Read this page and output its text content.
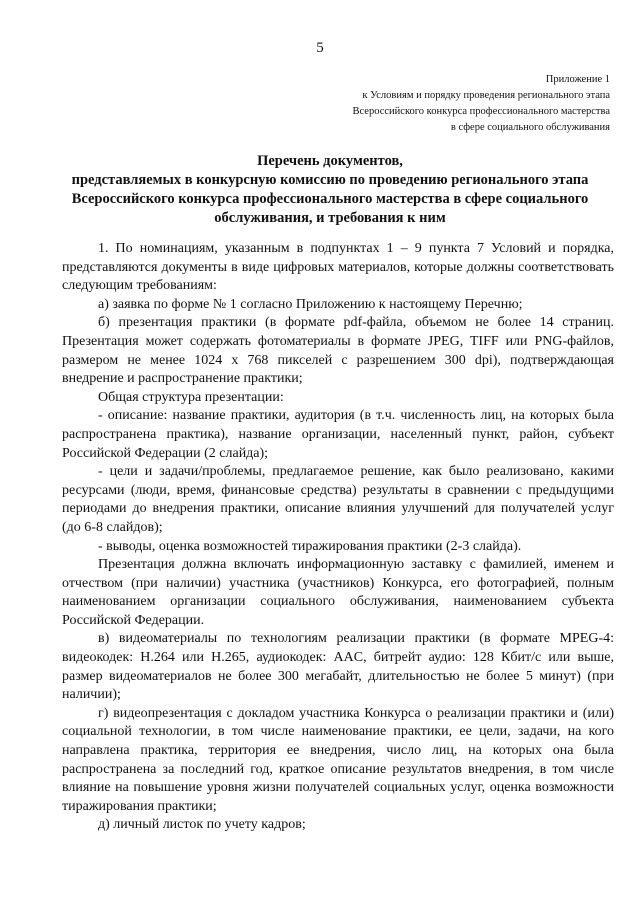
5
Приложение 1
к Условиям и порядку проведения регионального этапа
Всероссийского конкурса профессионального мастерства
в сфере социального обслуживания
Перечень документов,
представляемых в конкурсную комиссию по проведению регионального этапа
Всероссийского конкурса профессионального мастерства в сфере социального
обслуживания, и требования к ним

1. По номинациям, указанным в подпунктах 1 – 9 пункта 7 Условий и порядка, представляются документы в виде цифровых материалов, которые должны соответствовать следующим требованиям:

а) заявка по форме № 1 согласно Приложению к настоящему Перечню;

б) презентация практики (в формате pdf-файла, объемом не более 14 страниц. Презентация может содержать фотоматериалы в формате JPEG, TIFF или PNG-файлов, размером не менее 1024 x 768 пикселей с разрешением 300 dpi), подтверждающая внедрение и распространение практики;

Общая структура презентации:

- описание: название практики, аудитория (в т.ч. численность лиц, на которых была распространена практика), название организации, населенный пункт, район, субъект Российской Федерации (2 слайда);

- цели и задачи/проблемы, предлагаемое решение, как было реализовано, какими ресурсами (люди, время, финансовые средства) результаты в сравнении с предыдущими периодами до внедрения практики, описание влияния улучшений для получателей услуг (до 6-8 слайдов);

- выводы, оценка возможностей тиражирования практики (2-3 слайда).

Презентация должна включать информационную заставку с фамилией, именем и отчеством (при наличии) участника (участников) Конкурса, его фотографией, полным наименованием организации социального обслуживания, наименованием субъекта Российской Федерации.

в) видеоматериалы по технологиям реализации практики (в формате MPEG-4: видеокодек: H.264 или H.265, аудиокодек: AAC, битрейт аудио: 128 Кбит/с или выше, размер видеоматериалов не более 300 мегабайт, длительностью не более 5 минут) (при наличии);

г) видеопрезентация с докладом участника Конкурса о реализации практики и (или) социальной технологии, в том числе наименование практики, ее цели, задачи, на кого направлена практика, территория ее внедрения, число лиц, на которых она была распространена за последний год, краткое описание результатов внедрения, в том числе влияние на повышение уровня жизни получателей социальных услуг, оценка возможности тиражирования практики;

д) личный листок по учету кадров;
